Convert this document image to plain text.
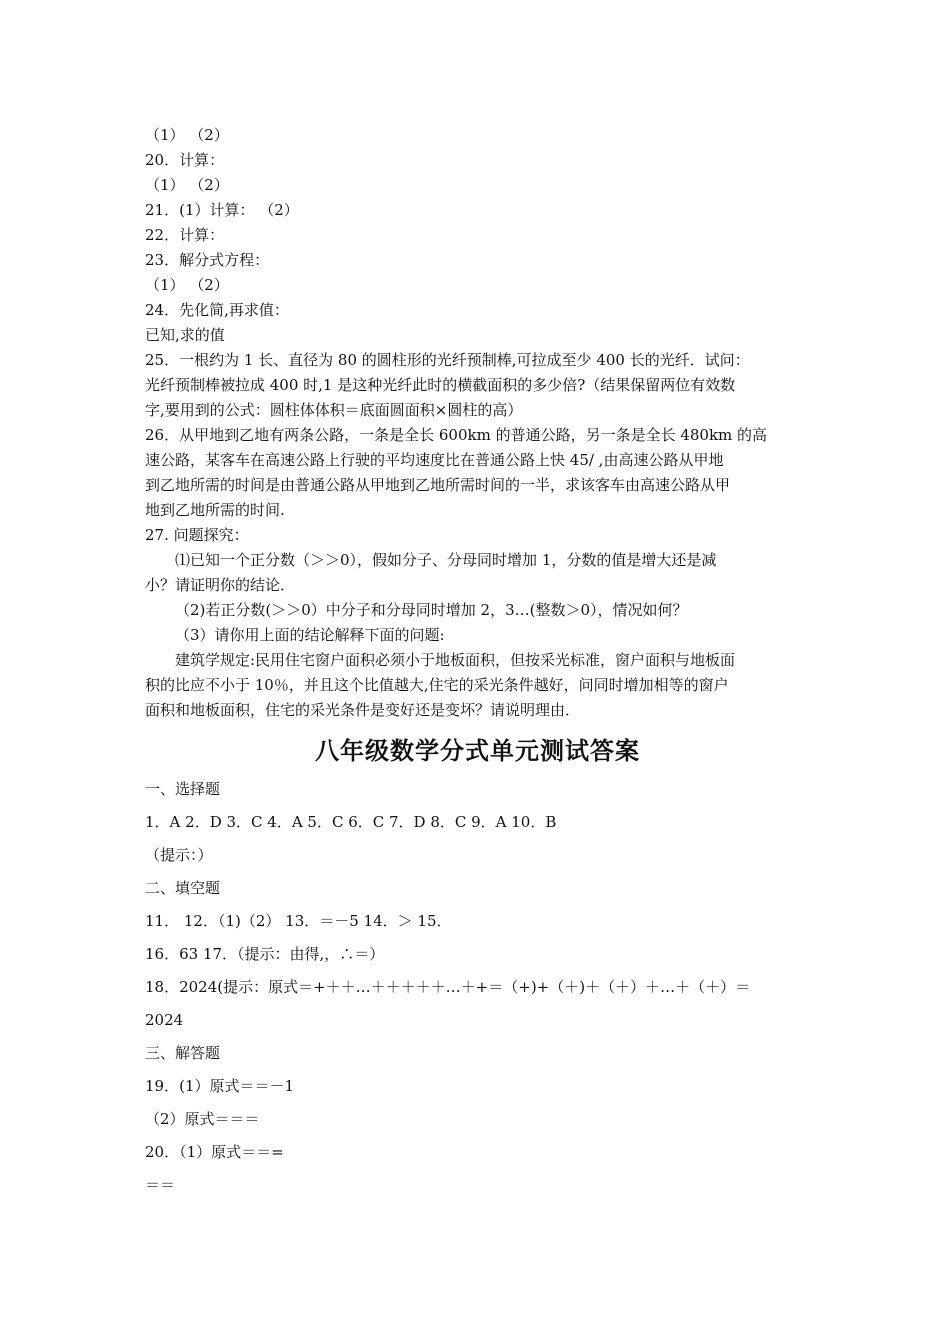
（1） （2）
20．计算：
（1） （2）
21．(1）计算： （2）
22．计算：
23．解分式方程：
（1） （2）
24．先化简,再求值：
已知,求的值
25．一根约为 1 长、直径为 80 的圆柱形的光纤预制棒,可拉成至少 400 长的光纤．试问：
光纤预制棒被拉成 400 时,1 是这种光纤此时的横截面积的多少倍?（结果保留两位有效数
字,要用到的公式：圆柱体体积＝底面圆面积×圆柱的高）
26．从甲地到乙地有两条公路，一条是全长 600km 的普通公路，另一条是全长 480km 的高
速公路，某客车在高速公路上行驶的平均速度比在普通公路上快 45/ ,由高速公路从甲地
到乙地所需的时间是由普通公路从甲地到乙地所需时间的一半，求该客车由高速公路从甲
地到乙地所需的时间.
27. 问题探究：
⑴已知一个正分数（＞＞0），假如分子、分母同时增加 1，分数的值是增大还是减
小？请证明你的结论．
（2)若正分数(＞＞0）中分子和分母同时增加 2，3…(整数＞0），情况如何？
（3）请你用上面的结论解释下面的问题:
建筑学规定:民用住宅窗户面积必须小于地板面积，但按采光标准，窗户面积与地板面
积的比应不小于 10％，并且这个比值越大,住宅的采光条件越好，问同时增加相等的窗户
面积和地板面积，住宅的采光条件是变好还是变坏？请说明理由．
八年级数学分式单元测试答案
一、选择题
1．A 2．D 3．C 4．A 5．C 6．C 7．D 8．C 9．A 10．B
（提示：）
二、填空题
11． 12．（1)（2） 13．＝－5 14．＞ 15．
16．63 17．（提示：由得,，∴＝）
18．2024(提示：原式＝+＋＋…＋＋＋＋＋…＋+＝（+)+（＋)＋（＋）＋…＋（＋）＝
2024
三、解答题
19．(1）原式＝＝－1
（2）原式＝＝＝
20．（1）原式＝＝=
＝＝
